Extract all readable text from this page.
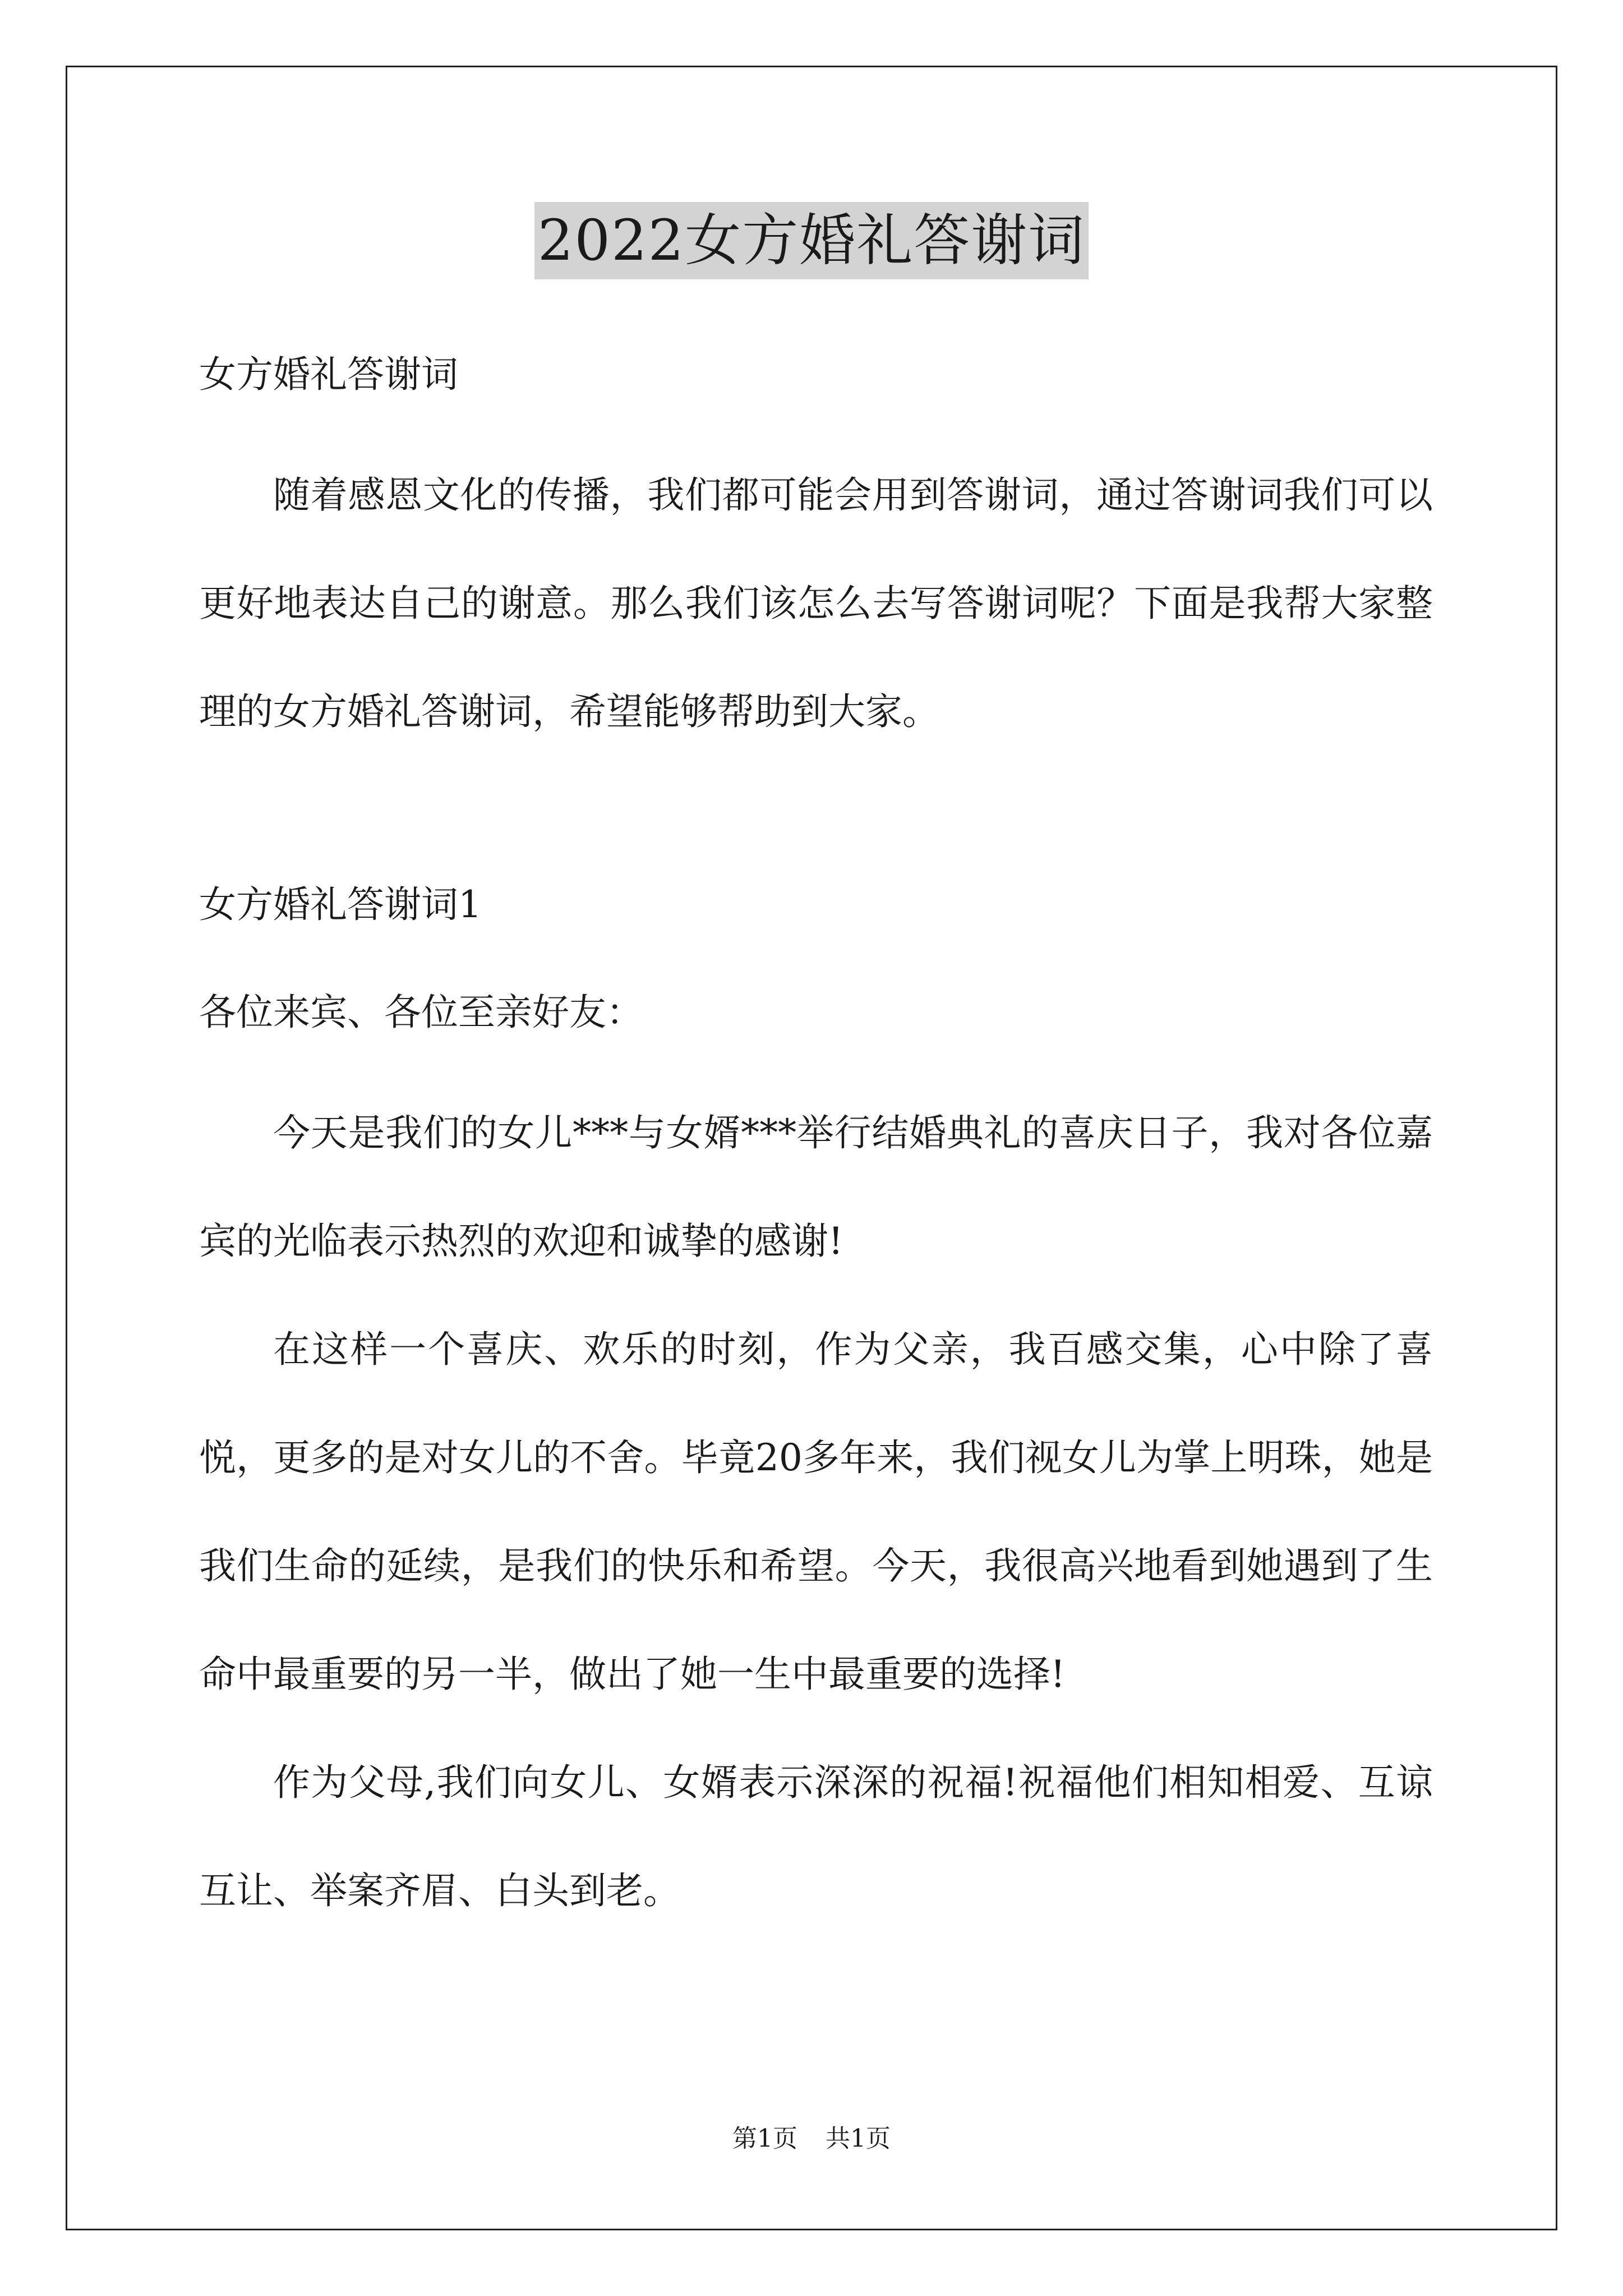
2022女方婚礼答谢词
女方婚礼答谢词
随着感恩文化的传播，我们都可能会用到答谢词，通过答谢词我们可以更好地表达自己的谢意。那么我们该怎么去写答谢词呢？下面是我帮大家整理的女方婚礼答谢词，希望能够帮助到大家。
女方婚礼答谢词1
各位来宾、各位至亲好友：
今天是我们的女儿***与女婿***举行结婚典礼的喜庆日子，我对各位嘉宾的光临表示热烈的欢迎和诚挚的感谢!
在这样一个喜庆、欢乐的时刻，作为父亲，我百感交集，心中除了喜悦，更多的是对女儿的不舍。毕竟20多年来，我们视女儿为掌上明珠，她是我们生命的延续，是我们的快乐和希望。今天，我很高兴地看到她遇到了生命中最重要的另一半，做出了她一生中最重要的选择!
作为父母,我们向女儿、女婿表示深深的祝福!祝福他们相知相爱、互谅互让、举案齐眉、白头到老。
第1页 共1页
